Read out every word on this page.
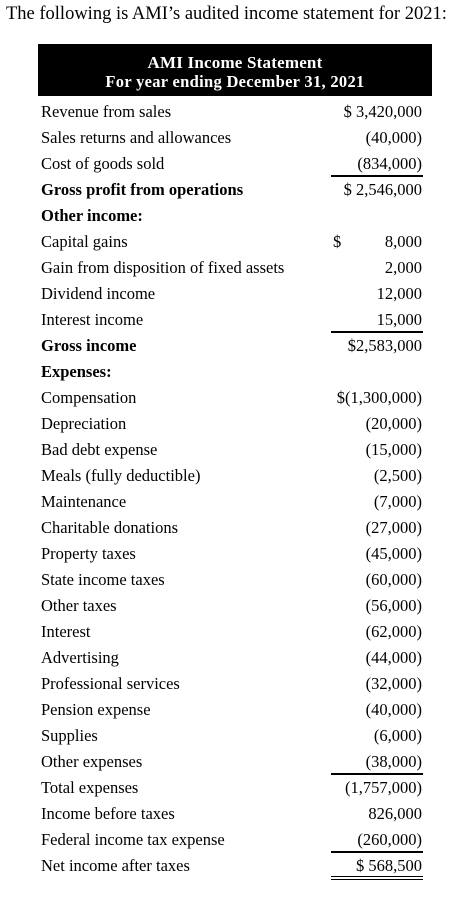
The following is AMI’s audited income statement for 2021:
AMI Income Statement
For year ending December 31, 2021
Revenue from sales	$ 3,420,000
Sales returns and allowances	(40,000)
Cost of goods sold	(834,000)
Gross profit from operations	$ 2,546,000
Other income:
Capital gains	$	8,000
Gain from disposition of fixed assets	2,000
Dividend income	12,000
Interest income	15,000
Gross income	$2,583,000
Expenses:
Compensation	$(1,300,000)
Depreciation	(20,000)
Bad debt expense	(15,000)
Meals (fully deductible)	(2,500)
Maintenance	(7,000)
Charitable donations	(27,000)
Property taxes	(45,000)
State income taxes	(60,000)
Other taxes	(56,000)
Interest	(62,000)
Advertising	(44,000)
Professional services	(32,000)
Pension expense	(40,000)
Supplies	(6,000)
Other expenses	(38,000)
Total expenses	(1,757,000)
Income before taxes	826,000
Federal income tax expense	(260,000)
Net income after taxes	$ 568,500
